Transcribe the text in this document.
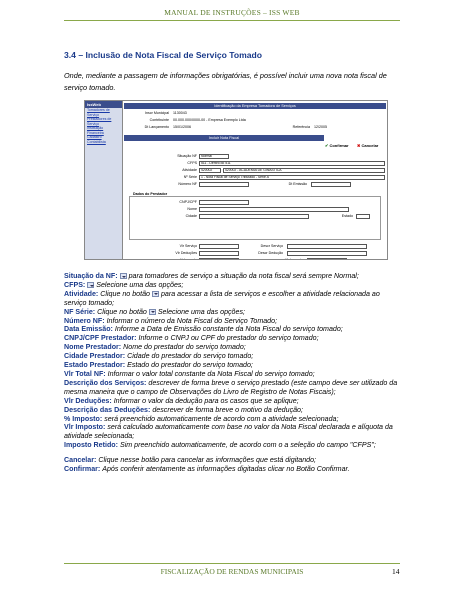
MANUAL DE INSTRUÇÕES – ISS WEB
3.4 – Inclusão de Nota Fiscal de Serviço Tomado
Onde, mediante a passagem de informações obrigatórias, é possível incluir uma nova nota fiscal de serviço tomado.
IssWeb
Tomadores de Serviço
Prestadores de Serviço
Instituição Financeira
Cadastro
Contabilista
Identificação da Empresa Tomadora de Serviços
Inscr Municipal 1130043
Contribuinte 00.000.000/0000-00 - Empresa Exemplo Ltda
Dt Lançamento 15/01/2006	Referência 12/2005
Incluir Nota Fiscal
✔ Confirmar ✖ Cancelar
Situação NF	Normal
CFPS	511 - Dentro do 511
Atividade	420002	420002 - ACADEMIA DE GINASTICA
Nº Série	1 - Nota Fiscal de Serviço Tributado - Série A
Número NF	Dt Emissão
Dados do Prestador
CNPJ/CPF
Nome
Cidade	Estado
Vlr Serviço	Descr Serviço
Vlr Deduções	Descr Dedução
% Imposto	0.01	Vlr Imposto
Situação da NF: para tomadores de serviço a situação da nota fiscal será sempre Normal;
CFPS: Selecione uma das opções;
Atividade: Clique no botão para acessar a lista de serviços e escolher a atividade relacionada ao serviço tomado;
NF Série: Clique no botão Selecione uma das opções;
Número NF: Informar o número da Nota Fiscal do Serviço Tomado;
Data Emissão: Informe a Data de Emissão constante da Nota Fiscal do serviço tomado;
CNPJ/CPF Prestador: Informe o CNPJ ou CPF do prestador do serviço tomado;
Nome Prestador: Nome do prestador do serviço tomado;
Cidade Prestador: Cidade do prestador do serviço tomado;
Estado Prestador: Estado do prestador do serviço tomado;
Vlr Total NF: Informar o valor total constante da Nota Fiscal do serviço tomado;
Descrição dos Serviços: descrever de forma breve o serviço prestado (este campo deve ser utilizado da mesma maneira que o campo de Observações do Livro de Registro de Notas Fiscais);
Vlr Deduções: Informar o valor da dedução para os casos que se aplique;
Descrição das Deduções: descrever de forma breve o motivo da dedução;
% Imposto: será preenchido automaticamente de acordo com a atividade selecionada;
Vlr Imposto: será calculado automaticamente com base no valor da Nota Fiscal declarada e alíquota da atividade selecionada;
Imposto Retido: Sim preenchido automaticamente, de acordo com o a seleção do campo "CFPS";
Cancelar: Clique nesse botão para cancelar as informações que está digitando;
Confirmar: Após conferir atentamente as informações digitadas clicar no Botão Confirmar.
FISCALIZAÇÃO DE RENDAS MUNICIPAIS	14
